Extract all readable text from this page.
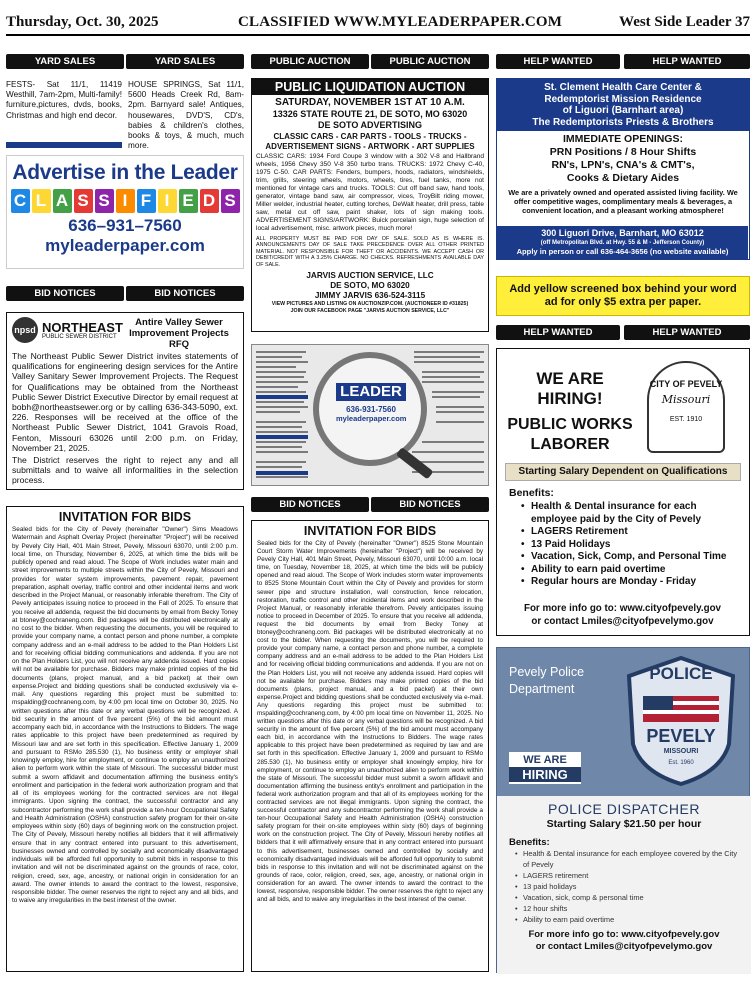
Thursday, Oct. 30, 2025	CLASSIFIED WWW.MYLEADERPAPER.COM	West Side Leader 37
YARD SALES	YARD SALES
FESTS- Sat 11/1, 11419 Westhill, 7am-2pm, Multi-family! furniture,pictures, dvds, books, Christmas and high end decor.
HOUSE SPRINGS, Sat 11/1, 5600 Heads Creek Rd, 8am-2pm. Barnyard sale! Antiques, housewares, DVD'S, CD's, babies & children's clothes, books & toys, & much, much more.
Advertise in the Leader
C L A S S I F I E D S
636–931–7560
myleaderpaper.com
BID NOTICES	BID NOTICES
npsd NORTHEAST
PUBLIC SEWER DISTRICT
Antire Valley Sewer
Improvement Projects
RFQ
The Northeast Public Sewer District invites statements of qualifications for engineering design services for the Antire Valley Sanitary Sewer Improvement Projects. The Request for Qualifications may be obtained from the Northeast Public Sewer District Executive Director by email request at bobh@northeastsewer.org or by calling 636-343-5090, ext. 226. Responses will be received at the office of the Northeast Public Sewer District, 1041 Gravois Road, Fenton, Missouri 63026 until 2:00 p.m. on Friday, November 21, 2025.
The District reserves the right to reject any and all submittals and to waive all informalities in the selection process.
INVITATION FOR BIDS
Sealed bids for the City of Pevely (hereinafter "Owner") Sims Meadows Watermain and Asphalt Overlay Project (hereinafter "Project") will be received by Pevely City Hall, 401 Main Street, Pevely, Missouri 63070, until 2:00 p.m. local time, on Thursday, November 6, 2025, at which time the bids will be publicly opened and read aloud. The Scope of Work includes water main and street improvements to multiple streets within the City of Pevely, Missouri and provides for water system improvements, pavement repair, pavement preparation, asphalt overlay, traffic control and other incidental items and work described in the Project Manual, or reasonably inferable therefrom. The City of Pevely anticipates issuing notice to proceed in the Fall of 2025. To ensure that you receive all addenda, request the bid documents by email from Becky Toney at btoney@cochraneng.com. Bid packages will be distributed electronically at no cost to the bidder. When requesting the documents, you will be required to provide your company name, a contact person and phone number, a complete company address and an e-mail address to be added to the Plan Holders List and for receiving official bidding communications and addenda. If you are not on the Plan Holders List, you will not receive any addenda issued. Hard copies will not be available for purchase. Bidders may make printed copies of the bid documents (plans, project manual, and a bid packet) at their own expense.Project and bidding questions shall be conducted exclusively via e-mail. Any questions regarding this project must be submitted to: mspalding@cochraneng.com, by 4:00 pm local time on October 30, 2025. No written questions after this date or any verbal questions will be recognized. A bid security in the amount of five percent (5%) of the bid amount must accompany each bid, in accordance with the Instructions to Bidders. The wage rates applicable to this project have been predetermined as required by Missouri law and are set forth in this specification. Effective January 1, 2009 and pursuant to RSMo 285.530 (1), No business entity or employer shall knowingly employ, hire for employment, or continue to employ an unauthorized alien to perform work within the state of Missouri. The successful bidder must submit a sworn affidavit and documentation affirming the business entity's enrollment and participation in the federal work authorization program and that all of its employees working for the contracted services are not illegal immigrants. Upon signing the contract, the successful contractor and any subcontractor performing the work shall provide a ten-hour Occupational Safety and Health Administration (OSHA) construction safety program for their on-site employees within sixty (60) days of beginning work on the construction project. The City of Pevely, Missouri hereby notifies all bidders that it will affirmatively ensure that in any contract entered into pursuant to this advertisement, businesses owned and controlled by socially and economically disadvantaged individuals will be afforded full opportunity to submit bids in response to this invitation and will not be discriminated against on the grounds of race, color, religion, creed, sex, age, ancestry, or national origin in consideration for an award. The owner intends to award the contract to the lowest, responsive, responsible bidder. The owner reserves the right to reject any and all bids, and to waive any irregularities in the best interest of the owner.
PUBLIC AUCTION	PUBLIC AUCTION
PUBLIC LIQUIDATION AUCTION
SATURDAY, NOVEMBER 1ST AT 10 A.M.
13326 STATE ROUTE 21, DE SOTO, MO 63020
DE SOTO ADVERTISING
CLASSIC CARS - CAR PARTS - TOOLS - TRUCKS - ADVERTISEMENT SIGNS - ARTWORK - ART SUPPLIES
CLASSIC CARS: 1934 Ford Coupe 3 window with a 302 V-8 and Hallbrand wheels, 1956 Chevy 350 V-8 350 turbo trans. TRUCKS: 1972 Chevy C-40, 1975 C-50. CAR PARTS: Fenders, bumpers, hoods, radiators, windshields, trim, grills, steering wheels, motors, wheels, tires, fuel tanks, more not mentioned for vintage cars and trucks. TOOLS: Cut off band saw, hand tools, generator, vintage band saw, air compressor, vices, TroyBilt riding mower, Miller welder, industrial heater, cutting torches, DeWalt heater, drill press, table saw, metal cut off saw, paint shaker, lots of sign making tools. ADVERTISEMENT SIGNS/ARTWORK: Buick porcelain sign, huge selection of local advertisement, misc. artwork pieces, much more!
ALL PROPERTY MUST BE PAID FOR DAY OF SALE. SOLD AS IS WHERE IS. ANNOUNCEMENTS DAY OF SALE TAKE PRECEDENCE OVER ALL OTHER PRINTED MATERIAL. NOT RESPONSIBLE FOR THEFT OR ACCIDENTS. WE ACCEPT CASH OR DEBIT/CREDIT WITH A 3.25% CHARGE. NO CHECKS. REFRESHMENTS AVAILABLE DAY OF SALE.
JARVIS AUCTION SERVICE, LLC
DE SOTO, MO 63020
JIMMY JARVIS 636-524-3115
VIEW PICTURES AND LISTING ON AUCTIONZIP.COM. (AUCTIONEER ID #31825)
JOIN OUR FACEBOOK PAGE "JARVIS AUCTION SERVICE, LLC"
LEADER
636-931-7560
myleaderpaper.com
BID NOTICES	BID NOTICES
INVITATION FOR BIDS
Sealed bids for the City of Pevely (hereinafter "Owner") 8525 Stone Mountain Court Storm Water Improvements (hereinafter "Project") will be received by Pevely City Hall, 401 Main Street, Pevely, Missouri 63070, until 10:00 a.m. local time, on Tuesday, November 18, 2025, at which time the bids will be publicly opened and read aloud. The Scope of Work includes storm water improvements to 8525 Stone Mountain Court within the City of Pevely and provides for storm sewer pipe and structure installation, wall construction, fence relocation, restoration, traffic control and other incidental items and work described in the Project Manual, or reasonably inferable therefrom. Pevely anticipates issuing notice to proceed in December of 2025. To ensure that you receive all addenda, request the bid documents by email from Becky Toney at btoney@cochraneng.com. Bid packages will be distributed electronically at no cost to the bidder. When requesting the documents, you will be required to provide your company name, a contact person and phone number, a complete company address and an e-mail address to be added to the Plan Holders List and for receiving official bidding communications and addenda. If you are not on the Plan Holders List, you will not receive any addenda issued. Hard copies will not be available for purchase. Bidders may make printed copies of the bid documents (plans, project manual, and a bid packet) at their own expense.Project and bidding questions shall be conducted exclusively via e-mail. Any questions regarding this project must be submitted to: mspalding@cochraneng.com, by 4:00 pm local time on November 11, 2025. No written questions after this date or any verbal questions will be recognized. A bid security in the amount of five percent (5%) of the bid amount must accompany each bid, in accordance with the Instructions to Bidders. The wage rates applicable to this project have been predetermined as required by law and are set forth in this specification. Effective January 1, 2009 and pursuant to RSMo 285.530 (1), No business entity or employer shall knowingly employ, hire for employment, or continue to employ an unauthorized alien to perform work within the state of Missouri. The successful bidder must submit a sworn affidavit and documentation affirming the business entity's enrollment and participation in the federal work authorization program and that all of its employees working for the contracted services are not illegal immigrants. Upon signing the contract, the successful contractor and any subcontractor performing the work shall provide a ten-hour Occupational Safety and Health Administration (OSHA) construction safety program for their on-site employees within sixty (60) days of beginning work on the construction project. The City of Pevely, Missouri hereby notifies all bidders that it will affirmatively ensure that in any contract entered into pursuant to this advertisement, businesses owned and controlled by socially and economically disadvantaged individuals will be afforded full opportunity to submit bids in response to this invitation and will not be discriminated against on the grounds of race, color, religion, creed, sex, age, ancestry, or national origin in consideration for an award. The owner intends to award the contract to the lowest, responsive, responsible bidder. The owner reserves the right to reject any and all bids, and to waive any irregularities in the best interest of the owner.
HELP WANTED	HELP WANTED
St. Clement Health Care Center &
Redemptorist Mission Residence
of Liguori (Barnhart area)
The Redemptorists Priests & Brothers
IMMEDIATE OPENINGS:
PRN Positions / 8 Hour Shifts
RN's, LPN's, CNA's & CMT's,
Cooks & Dietary Aides
We are a privately owned and operated assisted living facility. We offer competitive wages, complimentary meals & beverages, a convenient location, and a pleasant working atmosphere!
300 Liguori Drive, Barnhart, MO 63012
(off Metropolitan Blvd. at Hwy. 55 & M - Jefferson County)
Apply in person or call 636-464-3656 (no website available)
Add yellow screened box behind your word ad for only $5 extra per paper.
HELP WANTED	HELP WANTED
WE ARE HIRING!
PUBLIC WORKS
LABORER
CITY OF PEVELY
Missouri
EST. 1910
Starting Salary Dependent on Qualifications
Benefits:
• Health & Dental insurance for each employee paid by the City of Pevely
• LAGERS Retirement
• 13 Paid Holidays
• Vacation, Sick, Comp, and Personal Time
• Ability to earn paid overtime
• Regular hours are Monday - Friday
For more info go to: www.cityofpevely.gov
or contact Lmiles@cityofpevelymo.gov
Pevely Police
Department
POLICE
PEVELY
MISSOURI
Est. 1960
WE ARE
HIRING
POLICE DISPATCHER
Starting Salary $21.50 per hour
Benefits:
• Health & Dental insurance for each employee covered by the City of Pevely
• LAGERS retirement
• 13 paid holidays
• Vacation, sick, comp & personal time
• 12 hour shifts
• Ability to earn paid overtime
For more info go to: www.cityofpevely.gov
or contact Lmiles@cityofpevelymo.gov
